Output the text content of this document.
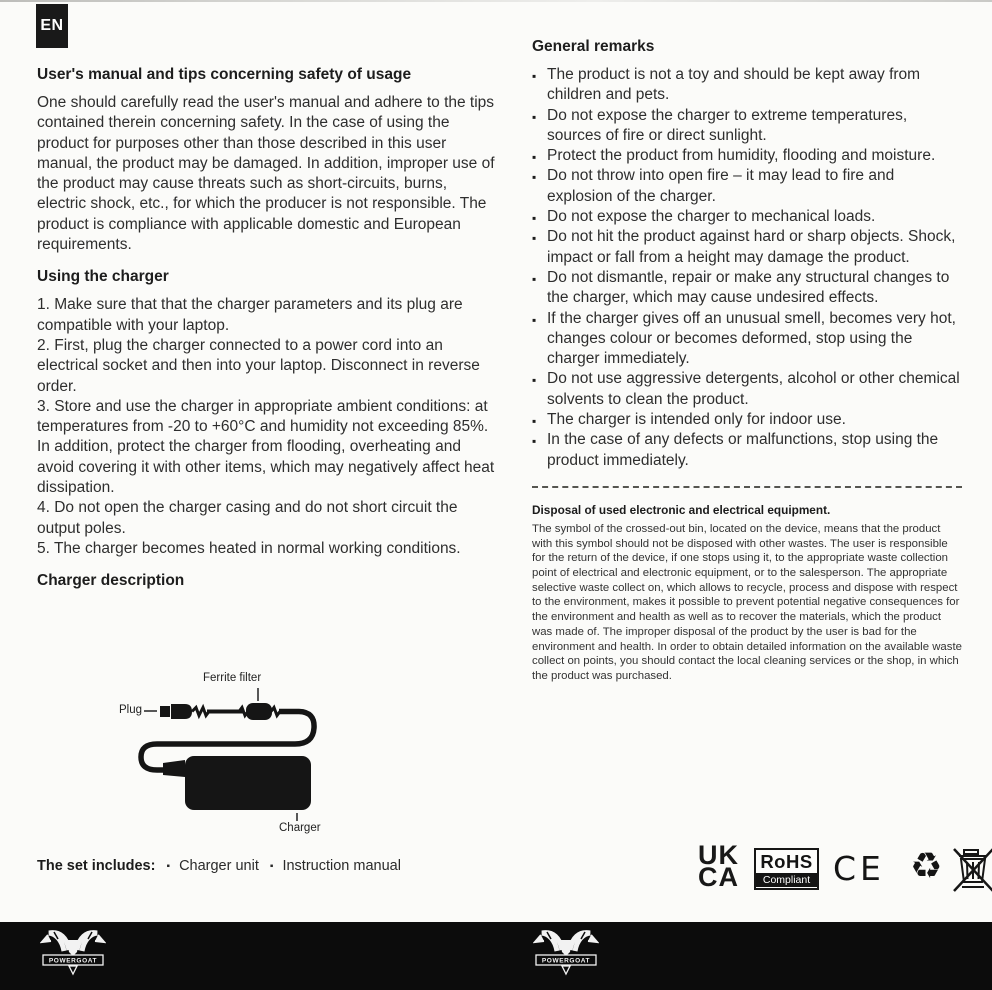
EN
User's manual and tips concerning safety of usage

One should carefully read the user's manual and adhere to the tips contained therein concerning safety. In the case of using the product for purposes other than those described in this user manual, the product may be damaged. In addition, improper use of the product may cause threats such as short-circuits, burns, electric shock, etc., for which the producer is not responsible. The product is compliance with applicable domestic and European requirements.

Using the charger

1. Make sure that that the charger parameters and its plug are compatible with your laptop.

2. First, plug the charger connected to a power cord into an electrical socket and then into your laptop. Disconnect in reverse order.

3. Store and use the charger in appropriate ambient conditions: at temperatures from -20 to +60°C and humidity not exceeding 85%. In addition, protect the charger from flooding, overheating and avoid covering it with other items, which may negatively affect heat dissipation.

4. Do not open the charger casing and do not short circuit the output poles.

5. The charger becomes heated in normal working conditions.

Charger description
Ferrite filter
Plug
Charger
The set includes: ▪ Charger unit ▪ Instruction manual
General remarks
▪ The product is not a toy and should be kept away from children and pets.
▪ Do not expose the charger to extreme temperatures, sources of fire or direct sunlight.
▪ Protect the product from humidity, flooding and moisture.
▪ Do not throw into open fire – it may lead to fire and explosion of the charger.
▪ Do not expose the charger to mechanical loads.
▪ Do not hit the product against hard or sharp objects. Shock, impact or fall from a height may damage the product.
▪ Do not dismantle, repair or make any structural changes to the charger, which may cause undesired effects.
▪ If the charger gives off an unusual smell, becomes very hot, changes colour or becomes deformed, stop using the charger immediately.
▪ Do not use aggressive detergents, alcohol or other chemical solvents to clean the product.
▪ The charger is intended only for indoor use.
▪ In the case of any defects or malfunctions, stop using the product immediately.
Disposal of used electronic and electrical equipment.

The symbol of the crossed-out bin, located on the device, means that the product with this symbol should not be disposed with other wastes. The user is responsible for the return of the device, if one stops using it, to the appropriate waste collection point of electrical and electronic equipment, or to the salesperson. The appropriate selective waste collect on, which allows to recycle, process and dispose with respect to the environment, makes it possible to prevent potential negative consequences for the environment and health as well as to recover the materials, which the product was made of. The improper disposal of the product by the user is bad for the environment and health. In order to obtain detailed information on the available waste collect on points, you should contact the local cleaning services or the shop, in which the product was purchased.

UK
CA RoHS
Compliant CE ♻
POWERGOAT	POWERGOAT
